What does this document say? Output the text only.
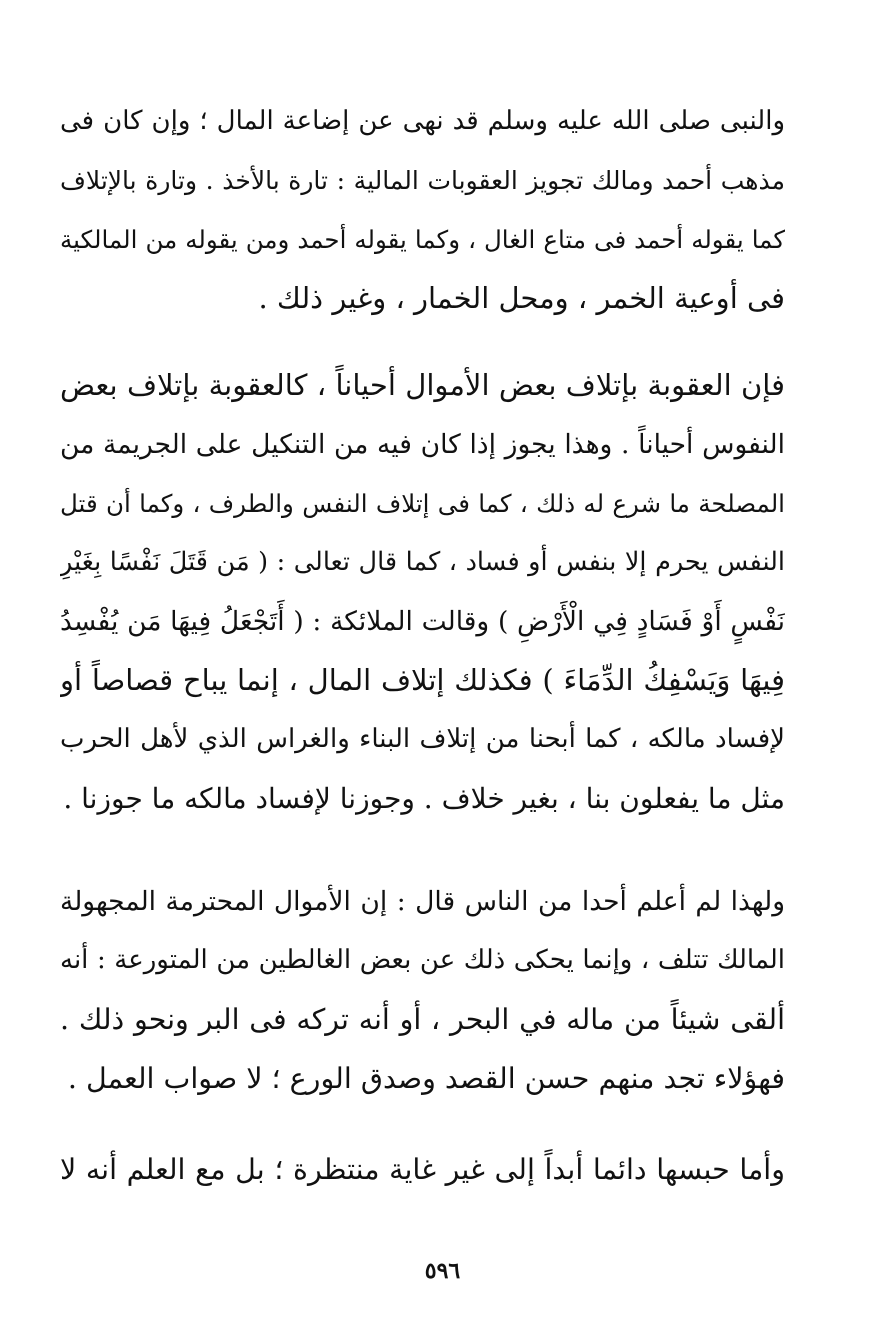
والنبى صلى الله عليه وسلم قد نهى عن إضاعة المال ؛ وإن كان فى
مذهب أحمد ومالك تجويز العقوبات المالية : تارة بالأخذ . وتارة بالإتلاف
كما يقوله أحمد فى متاع الغال ، وكما يقوله أحمد ومن يقوله من المالكية
فى أوعية الخمر ، ومحل الخمار ، وغير ذلك .
فإن العقوبة بإتلاف بعض الأموال أحياناً ، كالعقوبة بإتلاف بعض
النفوس أحياناً . وهذا يجوز إذا كان فيه من التنكيل على الجريمة من
المصلحة ما شرع له ذلك ، كما فى إتلاف النفس والطرف ، وكما أن قتل
النفس يحرم إلا بنفس أو فساد ، كما قال تعالى : ( مَن قَتَلَ نَفْسًا بِغَيْرِ
نَفْسٍ أَوْ فَسَادٍ فِي الْأَرْضِ ) وقالت الملائكة : ( أَتَجْعَلُ فِيهَا مَن يُفْسِدُ
فِيهَا وَيَسْفِكُ الدِّمَاءَ ) فكذلك إتلاف المال ، إنما يباح قصاصاً أو
لإفساد مالكه ، كما أبحنا من إتلاف البناء والغراس الذي لأهل الحرب
مثل ما يفعلون بنا ، بغير خلاف . وجوزنا لإفساد مالكه ما جوزنا .
ولهذا لم أعلم أحدا من الناس قال : إن الأموال المحترمة المجهولة
المالك تتلف ، وإنما يحكى ذلك عن بعض الغالطين من المتورعة : أنه
ألقى شيئاً من ماله في البحر ، أو أنه تركه فى البر ونحو ذلك .
فهؤلاء تجد منهم حسن القصد وصدق الورع ؛ لا صواب العمل .
وأما حبسها دائما أبداً إلى غير غاية منتظرة ؛ بل مع العلم أنه لا
٥٩٦
